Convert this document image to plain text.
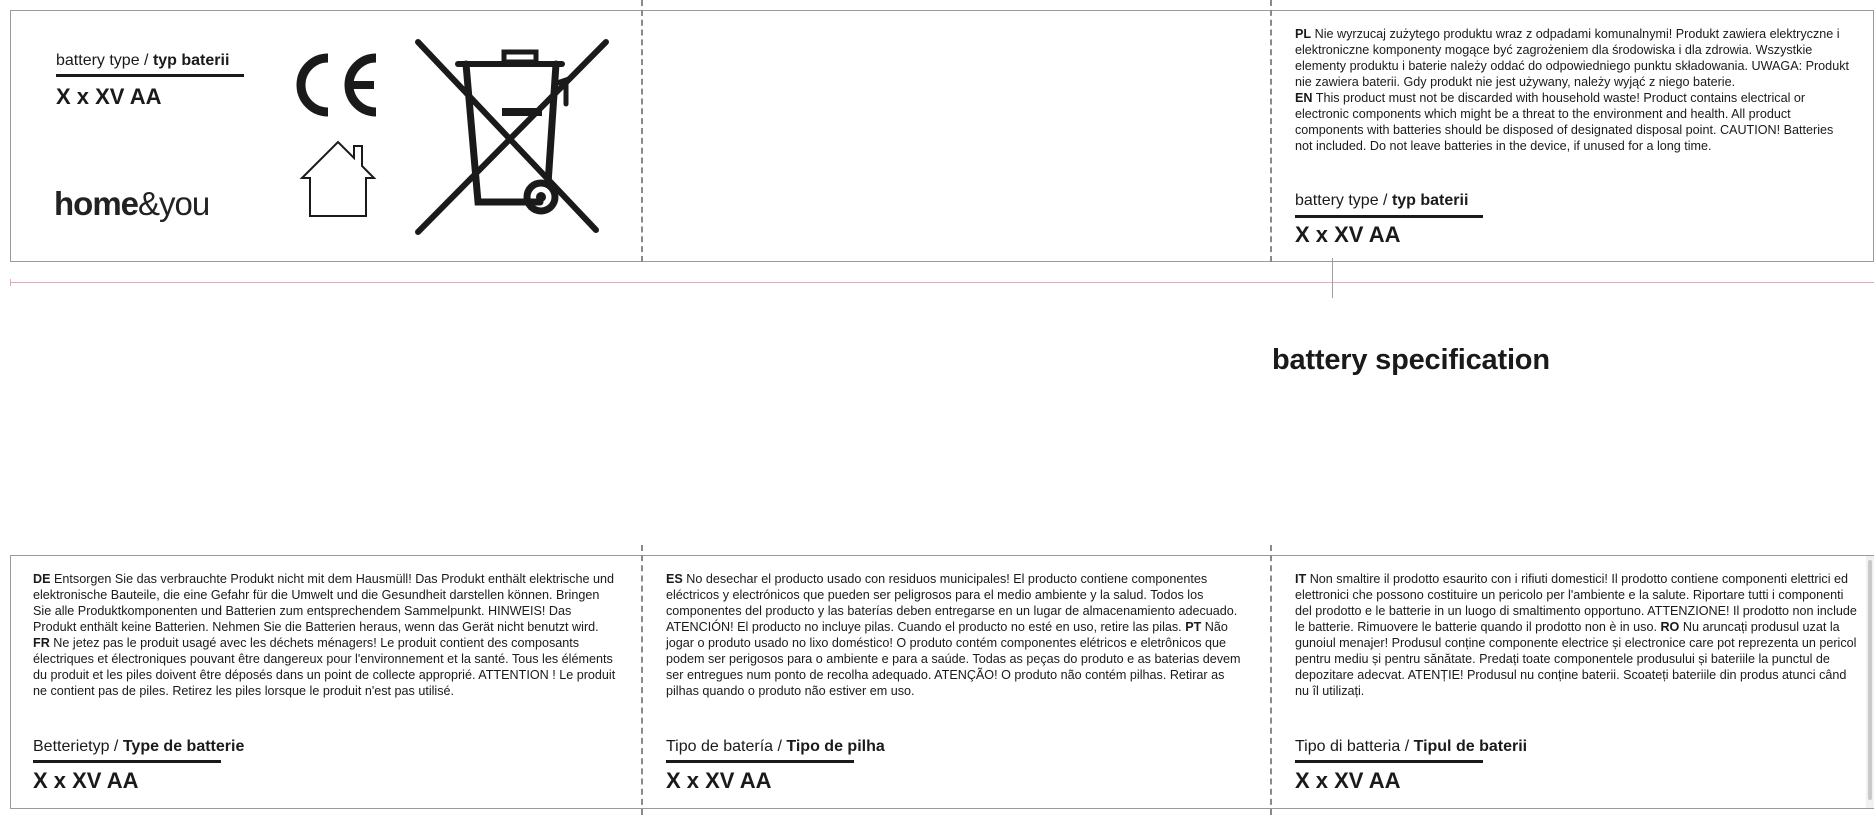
battery type / typ baterii
X x XV AA
home&you
PL Nie wyrzucaj zużytego produktu wraz z odpadami komunalnymi! Produkt zawiera elektryczne i elektroniczne komponenty mogące być zagrożeniem dla środowiska i dla zdrowia. Wszystkie elementy produktu i baterie należy oddać do odpowiedniego punktu składowania. UWAGA: Produkt nie zawiera baterii. Gdy produkt nie jest używany, należy wyjąć z niego baterie.
EN This product must not be discarded with household waste! Product contains electrical or electronic components which might be a threat to the environment and health. All product components with batteries should be disposed of designated disposal point. CAUTION! Batteries not included. Do not leave batteries in the device, if unused for a long time.
battery type / typ baterii
X x XV AA
battery specification
DE Entsorgen Sie das verbrauchte Produkt nicht mit dem Hausmüll! Das Produkt enthält elektrische und elektronische Bauteile, die eine Gefahr für die Umwelt und die Gesundheit darstellen können. Bringen Sie alle Produktkomponenten und Batterien zum entsprechendem Sammelpunkt. HINWEIS! Das Produkt enthält keine Batterien. Nehmen Sie die Batterien heraus, wenn das Gerät nicht benutzt wird. FR Ne jetez pas le produit usagé avec les déchets ménagers! Le produit contient des composants électriques et électroniques pouvant être dangereux pour l'environnement et la santé. Tous les éléments du produit et les piles doivent être déposés dans un point de collecte approprié. ATTENTION ! Le produit ne contient pas de piles. Retirez les piles lorsque le produit n'est pas utilisé.
Betterietyp / Type de batterie
X x XV AA
ES No desechar el producto usado con residuos municipales! El producto contiene componentes eléctricos y electrónicos que pueden ser peligrosos para el medio ambiente y la salud. Todos los componentes del producto y las baterías deben entregarse en un lugar de almacenamiento adecuado. ATENCIÓN! El producto no incluye pilas. Cuando el producto no esté en uso, retire las pilas. PT Não jogar o produto usado no lixo doméstico! O produto contém componentes elétricos e eletrônicos que podem ser perigosos para o ambiente e para a saúde. Todas as peças do produto e as baterias devem ser entregues num ponto de recolha adequado. ATENÇÃO! O produto não contém pilhas. Retirar as pilhas quando o produto não estiver em uso.
Tipo de batería / Tipo de pilha
X x XV AA
IT Non smaltire il prodotto esaurito con i rifiuti domestici! Il prodotto contiene componenti elettrici ed elettronici che possono costituire un pericolo per l'ambiente e la salute. Riportare tutti i componenti del prodotto e le batterie in un luogo di smaltimento opportuno. ATTENZIONE! Il prodotto non include le batterie. Rimuovere le batterie quando il prodotto non è in uso. RO Nu aruncați produsul uzat la gunoiul menajer! Produsul conține componente electrice și electronice care pot reprezenta un pericol pentru mediu și pentru sănătate. Predați toate componentele produsului și bateriile la punctul de depozitare adecvat. ATENȚIE! Produsul nu conține baterii. Scoateți bateriile din produs atunci când nu îl utilizați.
Tipo di batteria / Tipul de baterii
X x XV AA
